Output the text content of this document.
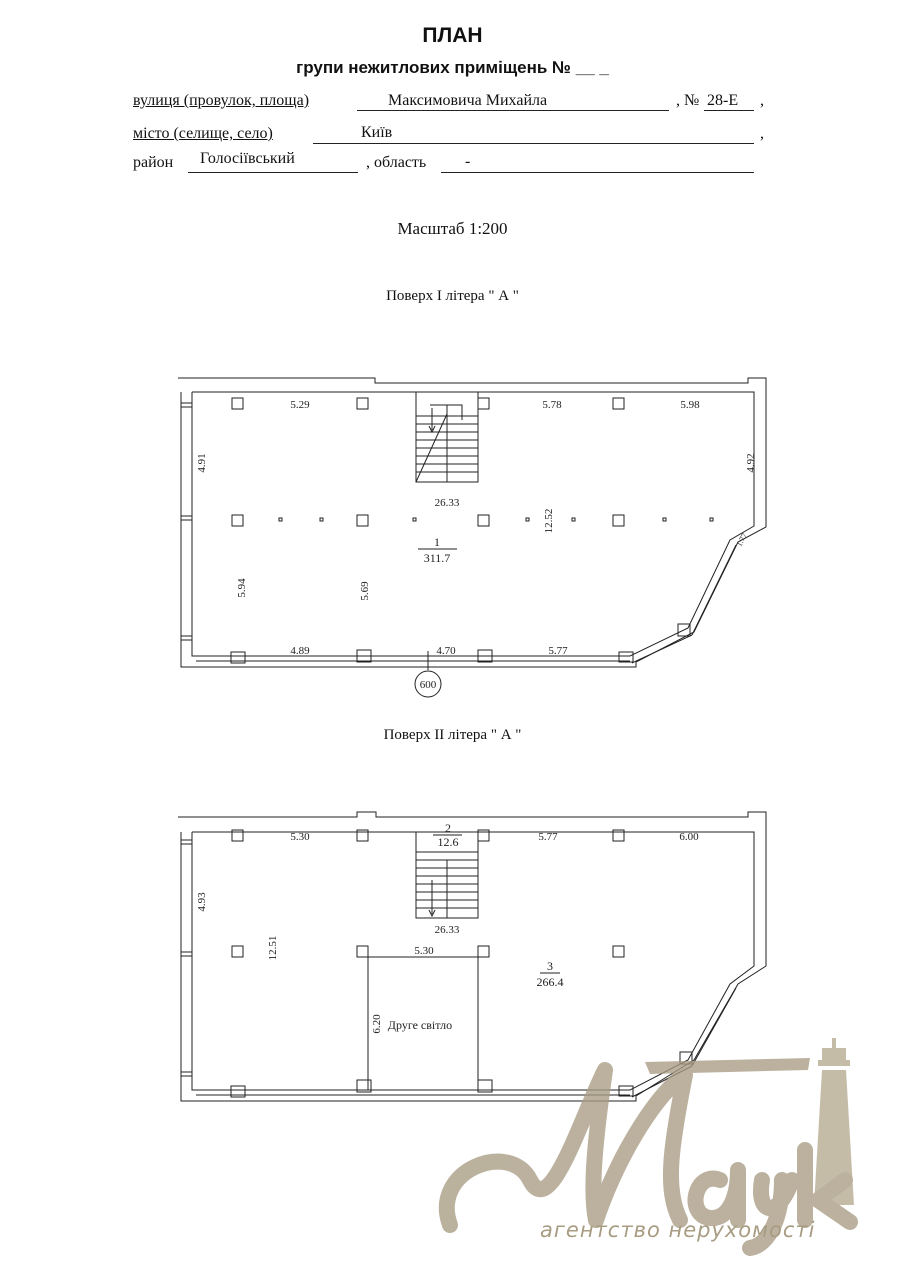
ПЛАН
групи нежитлових приміщень № __ _
вулиця (провулок, площа)	Максимовича Михайла	, № 28-Е ,
місто (селище, село)	Київ	,
район Голосіївський	, область -
Масштаб 1:200
Поверх I літера " А "
Поверх II літера " А "
5.29	5.78	5.98
4.91	4.92
26.33
12.52
5.94	5.69
4.89	4.70	5.77
1.77
1
311.7
600
5.30	5.77	6.00
4.93
2
12.6
26.33
12.51	5.30
6.20 Друге світло
3
266.4
агентство нерухомості
